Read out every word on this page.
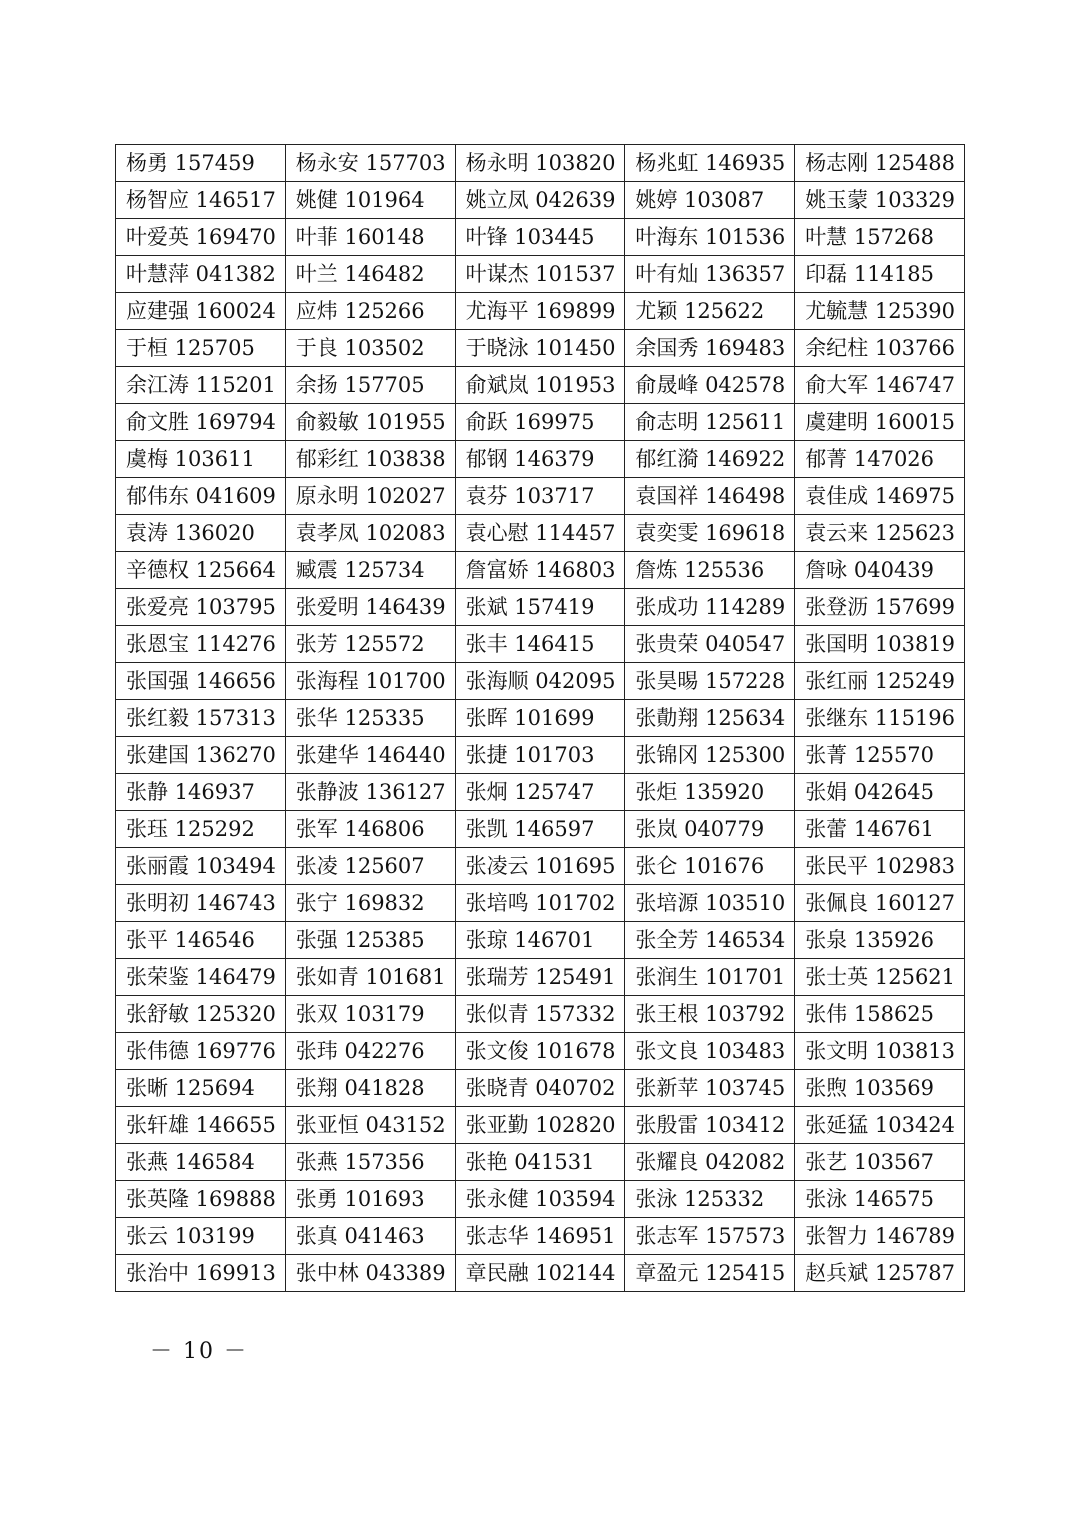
杨勇 157459	杨永安 157703	杨永明 103820	杨兆虹 146935	杨志刚 125488
杨智应 146517	姚健 101964	姚立凤 042639	姚婷 103087	姚玉蒙 103329
叶爱英 169470	叶菲 160148	叶锋 103445	叶海东 101536	叶慧 157268
叶慧萍 041382	叶兰 146482	叶谋杰 101537	叶有灿 136357	印磊 114185
应建强 160024	应炜 125266	尤海平 169899	尤颖 125622	尤毓慧 125390
于桓 125705	于良 103502	于晓泳 101450	余国秀 169483	余纪柱 103766
余江涛 115201	余扬 157705	俞斌岚 101953	俞晟峰 042578	俞大军 146747
俞文胜 169794	俞毅敏 101955	俞跃 169975	俞志明 125611	虞建明 160015
虞梅 103611	郁彩红 103838	郁钢 146379	郁红漪 146922	郁菁 147026
郁伟东 041609	原永明 102027	袁芬 103717	袁国祥 146498	袁佳成 146975
袁涛 136020	袁孝凤 102083	袁心慰 114457	袁奕雯 169618	袁云来 125623
辛德权 125664	臧震 125734	詹富娇 146803	詹炼 125536	詹咏 040439
张爱亮 103795	张爱明 146439	张斌 157419	张成功 114289	张登沥 157699
张恩宝 114276	张芳 125572	张丰 146415	张贵荣 040547	张国明 103819
张国强 146656	张海程 101700	张海顺 042095	张昊晹 157228	张红丽 125249
张红毅 157313	张华 125335	张晖 101699	张勣翔 125634	张继东 115196
张建国 136270	张建华 146440	张捷 101703	张锦冈 125300	张菁 125570
张静 146937	张静波 136127	张炯 125747	张炬 135920	张娟 042645
张珏 125292	张军 146806	张凯 146597	张岚 040779	张蕾 146761
张丽霞 103494	张凌 125607	张凌云 101695	张仑 101676	张民平 102983
张明初 146743	张宁 169832	张培鸣 101702	张培源 103510	张佩良 160127
张平 146546	张强 125385	张琼 146701	张全芳 146534	张泉 135926
张荣鉴 146479	张如青 101681	张瑞芳 125491	张润生 101701	张士英 125621
张舒敏 125320	张双 103179	张似青 157332	张王根 103792	张伟 158625
张伟德 169776	张玮 042276	张文俊 101678	张文良 103483	张文明 103813
张晰 125694	张翔 041828	张晓青 040702	张新苹 103745	张煦 103569
张轩雄 146655	张亚恒 043152	张亚勤 102820	张殷雷 103412	张延猛 103424
张燕 146584	张燕 157356	张艳 041531	张耀良 042082	张艺 103567
张英隆 169888	张勇 101693	张永健 103594	张泳 125332	张泳 146575
张云 103199	张真 041463	张志华 146951	张志军 157573	张智力 146789
张治中 169913	张中林 043389	章民融 102144	章盈元 125415	赵兵斌 125787
－ 10 －
